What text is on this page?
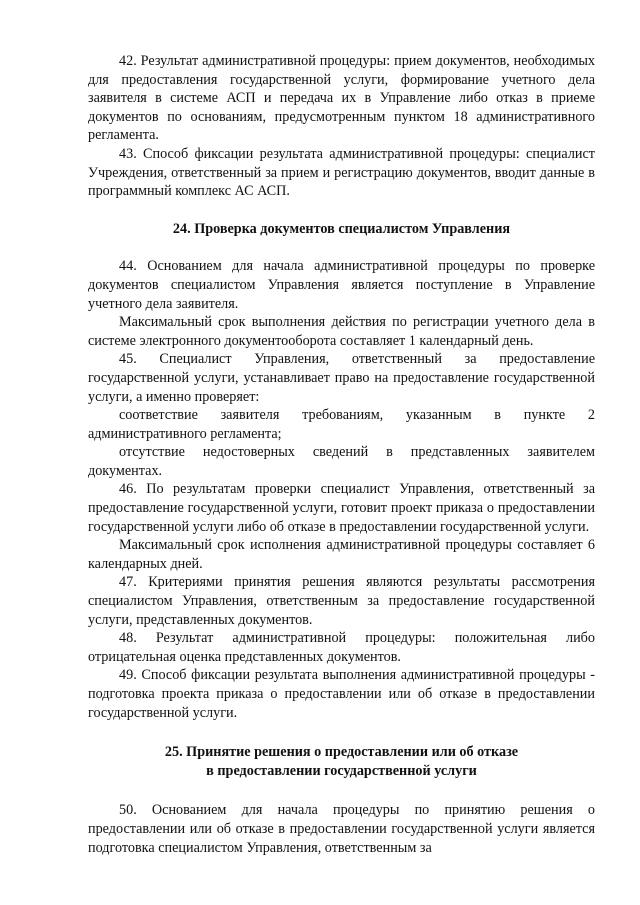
42. Результат административной процедуры: прием документов, необходимых для предоставления государственной услуги, формирование учетного дела заявителя в системе АСП и передача их в Управление либо отказ в приеме документов по основаниям, предусмотренным пунктом 18 административного регламента.

43. Способ фиксации результата административной процедуры: специалист Учреждения, ответственный за прием и регистрацию документов, вводит данные в программный комплекс АС АСП.

24. Проверка документов специалистом Управления

44. Основанием для начала административной процедуры по проверке документов специалистом Управления является поступление в Управление учетного дела заявителя.

Максимальный срок выполнения действия по регистрации учетного дела в системе электронного документооборота составляет 1 календарный день.

45. Специалист Управления, ответственный за предоставление государственной услуги, устанавливает право на предоставление государственной услуги, а именно проверяет:

соответствие заявителя требованиям, указанным в пункте 2 административного регламента;

отсутствие недостоверных сведений в представленных заявителем документах.

46. По результатам проверки специалист Управления, ответственный за предоставление государственной услуги, готовит проект приказа о предоставлении государственной услуги либо об отказе в предоставлении государственной услуги.

Максимальный срок исполнения административной процедуры составляет 6 календарных дней.

47. Критериями принятия решения являются результаты рассмотрения специалистом Управления, ответственным за предоставление государственной услуги, представленных документов.

48. Результат административной процедуры: положительная либо отрицательная оценка представленных документов.

49. Способ фиксации результата выполнения административной процедуры - подготовка проекта приказа о предоставлении или об отказе в предоставлении государственной услуги.

25. Принятие решения о предоставлении или об отказе
в предоставлении государственной услуги

50. Основанием для начала процедуры по принятию решения о предоставлении или об отказе в предоставлении государственной услуги является подготовка специалистом Управления, ответственным за
